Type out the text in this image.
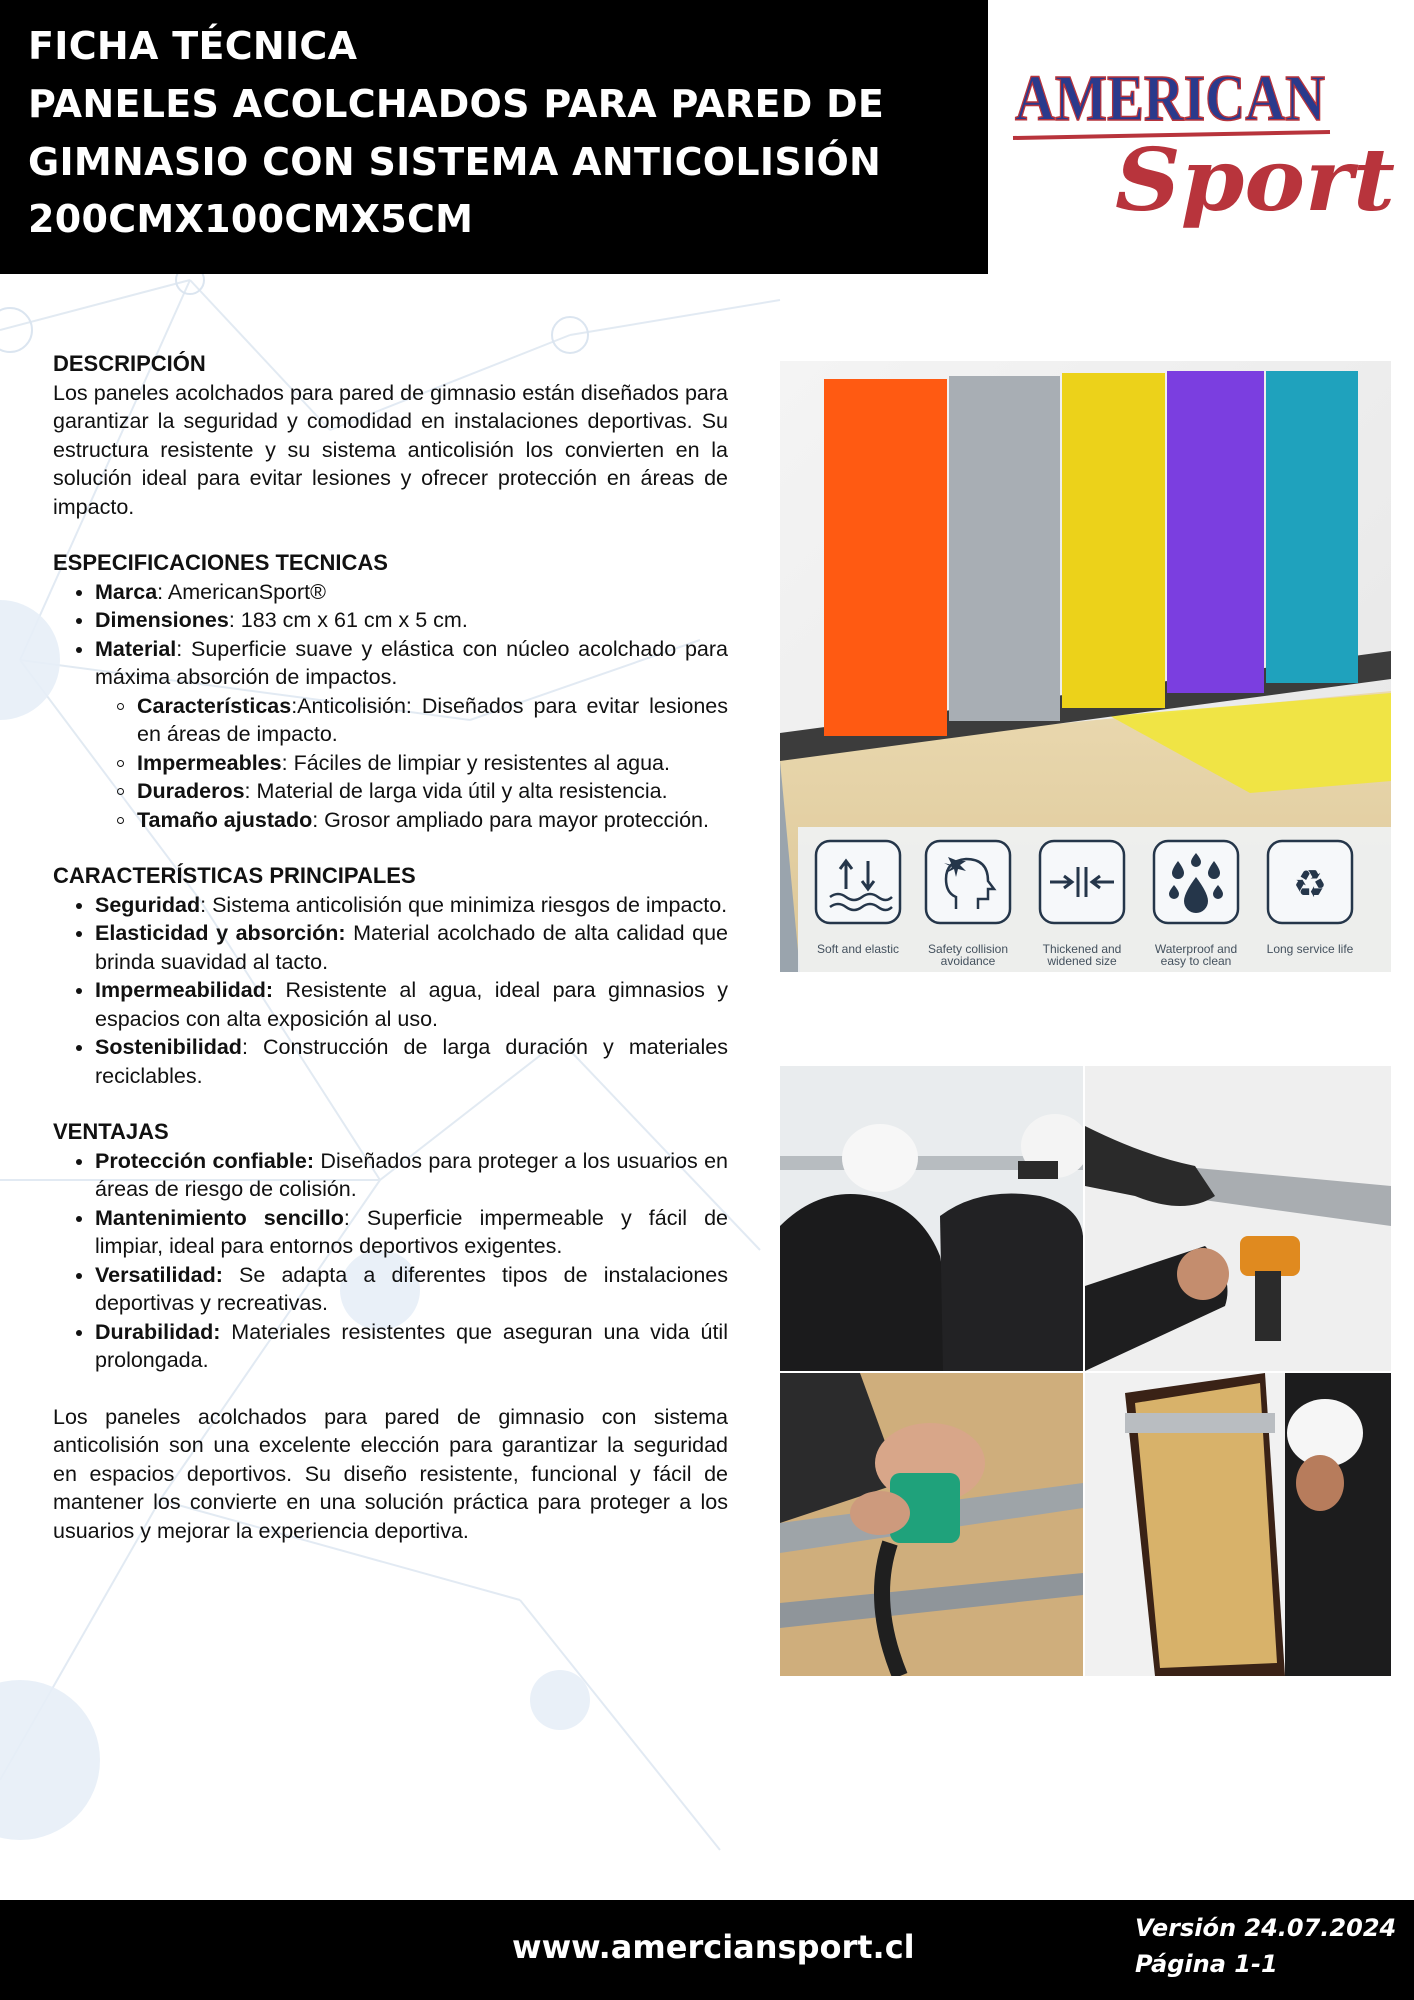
FICHA TÉCNICA
PANELES ACOLCHADOS PARA PARED DE
GIMNASIO CON SISTEMA ANTICOLISIÓN
200CMX100CMX5CM
AMERICAN
Sport

DESCRIPCIÓN

Los paneles acolchados para pared de gimnasio están diseñados para garantizar la seguridad y comodidad en instalaciones deportivas. Su estructura resistente y su sistema anticolisión los convierten en la solución ideal para evitar lesiones y ofrecer protección en áreas de impacto.

ESPECIFICACIONES TECNICAS

Marca: AmericanSport®
Dimensiones: 183 cm x 61 cm x 5 cm.
Material: Superficie suave y elástica con núcleo acolchado para máxima absorción de impactos.
Características:Anticolisión: Diseñados para evitar lesiones en áreas de impacto.
Impermeables: Fáciles de limpiar y resistentes al agua.
Duraderos: Material de larga vida útil y alta resistencia.
Tamaño ajustado: Grosor ampliado para mayor protección.

CARACTERÍSTICAS PRINCIPALES

Seguridad: Sistema anticolisión que minimiza riesgos de impacto.
Elasticidad y absorción: Material acolchado de alta calidad que brinda suavidad al tacto.
Impermeabilidad: Resistente al agua, ideal para gimnasios y espacios con alta exposición al uso.
Sostenibilidad: Construcción de larga duración y materiales reciclables.

VENTAJAS

Protección confiable: Diseñados para proteger a los usuarios en áreas de riesgo de colisión.
Mantenimiento sencillo: Superficie impermeable y fácil de limpiar, ideal para entornos deportivos exigentes.
Versatilidad: Se adapta a diferentes tipos de instalaciones deportivas y recreativas.
Durabilidad: Materiales resistentes que aseguran una vida útil prolongada.

Los paneles acolchados para pared de gimnasio con sistema anticolisión son una excelente elección para garantizar la seguridad en espacios deportivos. Su diseño resistente, funcional y fácil de mantener los convierte en una solución práctica para proteger a los usuarios y mejorar la experiencia deportiva.

Soft and elastic Safety collision
avoidance
Thickened and
widened size
Waterproof and
easy to clean
♻
Long service life
www.amerciansport.cl	Versión 24.07.2024
Página 1-1
